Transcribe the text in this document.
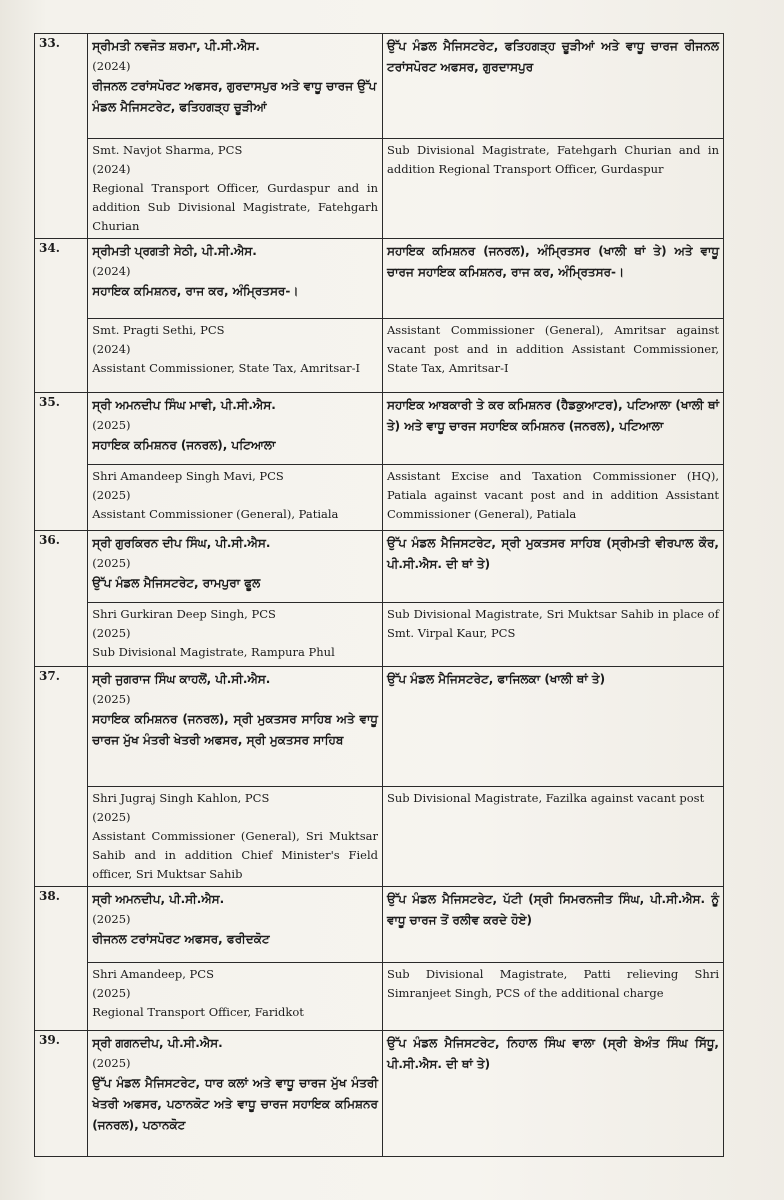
33.	ਸ੍ਰੀਮਤੀ ਨਵਜੋਤ ਸ਼ਰਮਾ, ਪੀ.ਸੀ.ਐਸ.
(2024)
ਰੀਜਨਲ ਟਰਾਂਸਪੋਰਟ ਅਫਸਰ, ਗੁਰਦਾਸਪੁਰ ਅਤੇ ਵਾਧੂ ਚਾਰਜ ਉੱਪ ਮੰਡਲ ਮੈਜਿਸਟਰੇਟ, ਫਤਿਹਗੜ੍ਹ ਚੂੜੀਆਂ	ਉੱਪ ਮੰਡਲ ਮੈਜਿਸਟਰੇਟ, ਫਤਿਹਗੜ੍ਹ ਚੂੜੀਆਂ ਅਤੇ ਵਾਧੂ ਚਾਰਜ ਰੀਜਨਲ ਟਰਾਂਸਪੋਰਟ ਅਫਸਰ, ਗੁਰਦਾਸਪੁਰ

	Smt. Navjot Sharma, PCS
(2024)
Regional Transport Officer, Gurdaspur and in addition Sub Divisional Magistrate, Fatehgarh Churian	Sub Divisional Magistrate, Fatehgarh Churian and in addition Regional Transport Officer, Gurdaspur

34.	ਸ੍ਰੀਮਤੀ ਪ੍ਰਗਤੀ ਸੇਠੀ, ਪੀ.ਸੀ.ਐਸ.
(2024)
ਸਹਾਇਕ ਕਮਿਸ਼ਨਰ, ਰਾਜ ਕਰ, ਅੰਮ੍ਰਿਤਸਰ-।	ਸਹਾਇਕ ਕਮਿਸ਼ਨਰ (ਜਨਰਲ), ਅੰਮ੍ਰਿਤਸਰ (ਖਾਲੀ ਥਾਂ ਤੇ) ਅਤੇ ਵਾਧੂ ਚਾਰਜ ਸਹਾਇਕ ਕਮਿਸ਼ਨਰ, ਰਾਜ ਕਰ, ਅੰਮ੍ਰਿਤਸਰ-।

	Smt. Pragti Sethi, PCS
(2024)
Assistant Commissioner, State Tax, Amritsar-I	Assistant Commissioner (General), Amritsar against vacant post and in addition Assistant Commissioner, State Tax, Amritsar-I

35.	ਸ੍ਰੀ ਅਮਨਦੀਪ ਸਿੰਘ ਮਾਵੀ, ਪੀ.ਸੀ.ਐਸ.
(2025)
ਸਹਾਇਕ ਕਮਿਸ਼ਨਰ (ਜਨਰਲ), ਪਟਿਆਲਾ	ਸਹਾਇਕ ਆਬਕਾਰੀ ਤੇ ਕਰ ਕਮਿਸ਼ਨਰ (ਹੈਡਕੁਆਟਰ), ਪਟਿਆਲਾ (ਖਾਲੀ ਥਾਂ ਤੇ) ਅਤੇ ਵਾਧੂ ਚਾਰਜ ਸਹਾਇਕ ਕਮਿਸ਼ਨਰ (ਜਨਰਲ), ਪਟਿਆਲਾ

	Shri Amandeep Singh Mavi, PCS
(2025)
Assistant Commissioner (General), Patiala	Assistant Excise and Taxation Commissioner (HQ), Patiala against vacant post and in addition Assistant Commissioner (General), Patiala

36.	ਸ੍ਰੀ ਗੁਰਕਿਰਨ ਦੀਪ ਸਿੰਘ, ਪੀ.ਸੀ.ਐਸ.
(2025)
ਉੱਪ ਮੰਡਲ ਮੈਜਿਸਟਰੇਟ, ਰਾਮਪੁਰਾ ਫੂਲ	ਉੱਪ ਮੰਡਲ ਮੈਜਿਸਟਰੇਟ, ਸ੍ਰੀ ਮੁਕਤਸਰ ਸਾਹਿਬ (ਸ੍ਰੀਮਤੀ ਵੀਰਪਾਲ ਕੌਰ, ਪੀ.ਸੀ.ਐਸ. ਦੀ ਥਾਂ ਤੇ)

	Shri Gurkiran Deep Singh, PCS
(2025)
Sub Divisional Magistrate, Rampura Phul	Sub Divisional Magistrate, Sri Muktsar Sahib in place of Smt. Virpal Kaur, PCS

37.	ਸ੍ਰੀ ਜੁਗਰਾਜ ਸਿੰਘ ਕਾਹਲੋਂ, ਪੀ.ਸੀ.ਐਸ.
(2025)
ਸਹਾਇਕ ਕਮਿਸ਼ਨਰ (ਜਨਰਲ), ਸ੍ਰੀ ਮੁਕਤਸਰ ਸਾਹਿਬ ਅਤੇ ਵਾਧੂ ਚਾਰਜ ਮੁੱਖ ਮੰਤਰੀ ਖੇਤਰੀ ਅਫਸਰ, ਸ੍ਰੀ ਮੁਕਤਸਰ ਸਾਹਿਬ	ਉੱਪ ਮੰਡਲ ਮੈਜਿਸਟਰੇਟ, ਫਾਜਿਲਕਾ (ਖਾਲੀ ਥਾਂ ਤੇ)

	Shri Jugraj Singh Kahlon, PCS
(2025)
Assistant Commissioner (General), Sri Muktsar Sahib and in addition Chief Minister's Field officer, Sri Muktsar Sahib	Sub Divisional Magistrate, Fazilka against vacant post

38.	ਸ੍ਰੀ ਅਮਨਦੀਪ, ਪੀ.ਸੀ.ਐਸ.
(2025)
ਰੀਜਨਲ ਟਰਾਂਸਪੋਰਟ ਅਫਸਰ, ਫਰੀਦਕੋਟ	ਉੱਪ ਮੰਡਲ ਮੈਜਿਸਟਰੇਟ, ਪੱਟੀ (ਸ੍ਰੀ ਸਿਮਰਨਜੀਤ ਸਿੰਘ, ਪੀ.ਸੀ.ਐਸ. ਨੂੰ ਵਾਧੂ ਚਾਰਜ ਤੋਂ ਰਲੀਵ ਕਰਦੇ ਹੋਏ)

	Shri Amandeep, PCS
(2025)
Regional Transport Officer, Faridkot	Sub Divisional Magistrate, Patti relieving Shri Simranjeet Singh, PCS of the additional charge

39.	ਸ੍ਰੀ ਗਗਨਦੀਪ, ਪੀ.ਸੀ.ਐਸ.
(2025)
ਉੱਪ ਮੰਡਲ ਮੈਜਿਸਟਰੇਟ, ਧਾਰ ਕਲਾਂ ਅਤੇ ਵਾਧੂ ਚਾਰਜ ਮੁੱਖ ਮੰਤਰੀ ਖੇਤਰੀ ਅਫਸਰ, ਪਠਾਨਕੋਟ ਅਤੇ ਵਾਧੂ ਚਾਰਜ ਸਹਾਇਕ ਕਮਿਸ਼ਨਰ (ਜਨਰਲ), ਪਠਾਨਕੋਟ	ਉੱਪ ਮੰਡਲ ਮੈਜਿਸਟਰੇਟ, ਨਿਹਾਲ ਸਿੰਘ ਵਾਲਾ (ਸ੍ਰੀ ਬੇਅੰਤ ਸਿੰਘ ਸਿੱਧੂ, ਪੀ.ਸੀ.ਐਸ. ਦੀ ਥਾਂ ਤੇ)
